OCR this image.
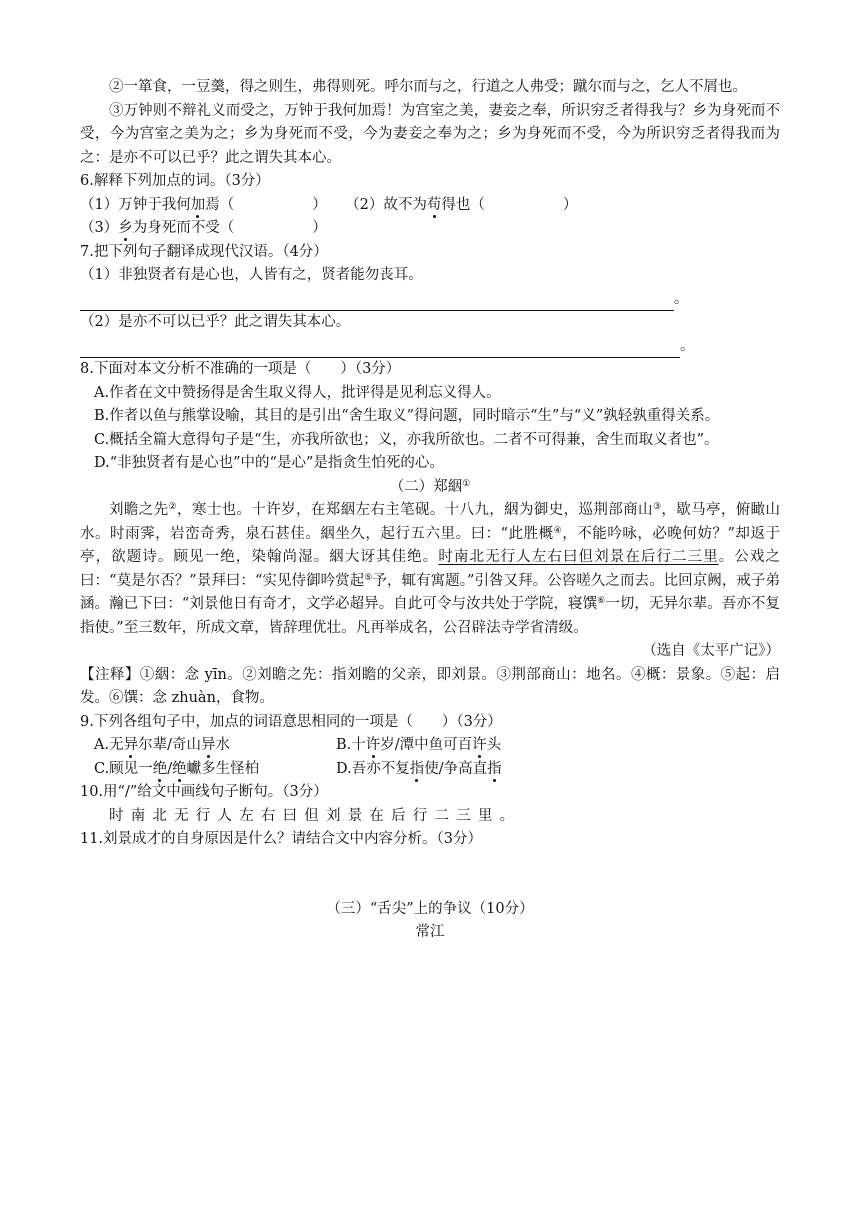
②一箪食，一豆羹，得之则生，弗得则死。呼尔而与之，行道之人弗受；蹴尔而与之，乞人不屑也。

③万钟则不辩礼义而受之，万钟于我何加焉！为宫室之美，妻妾之奉，所识穷乏者得我与？乡为身死而不受，今为宫室之美为之；乡为身死而不受，今为妻妾之奉为之；乡为身死而不受，今为所识穷乏者得我而为之：是亦不可以已乎？此之谓失其本心。

6.解释下列加点的词。（3分）

（1）万钟于我何加焉（	） （2）故不为苟得也（	）

（3）乡为身死而不受（	）

7.把下列句子翻译成现代汉语。（4分）

（1）非独贤者有是心也，人皆有之，贤者能勿丧耳。

。

（2）是亦不可以已乎？此之谓失其本心。

。

8.下面对本文分析不准确的一项是（　　）（3分）

A.作者在文中赞扬得是舍生取义得人，批评得是见利忘义得人。

B.作者以鱼与熊掌设喻，其目的是引出“舍生取义”得问题，同时暗示“生”与“义”孰轻孰重得关系。

C.概括全篇大意得句子是“生，亦我所欲也；义，亦我所欲也。二者不可得兼，舍生而取义者也”。

D.“非独贤者有是心也”中的“是心”是指贪生怕死的心。

（二）郑絪①

刘瞻之先②，寒士也。十许岁，在郑絪左右主笔砚。十八九，絪为御史，巡荆部商山③，歇马亭，俯瞰山水。时雨霁，岩峦奇秀，泉石甚佳。絪坐久，起行五六里。曰：“此胜概④，不能吟咏，必晚何妨？”却返于亭，欲题诗。顾见一绝，染翰尚湿。絪大讶其佳绝。时南北无行人左右曰但刘景在后行二三里。公戏之曰：“莫是尔否？”景拜曰：“实见侍御吟赏起⑤予，辄有寓题。”引咎又拜。公咨嗟久之而去。比回京阙，戒子弟涵。瀚已下曰：“刘景他日有奇才，文学必超异。自此可令与汝共处于学院，寝馔⑥一切，无异尔辈。吾亦不复指使。”至三数年，所成文章，皆辞理优壮。凡再举成名，公召辟法寺学省清级。

（选自《太平广记》）

【注释】①絪：念 yīn。②刘瞻之先：指刘瞻的父亲，即刘景。③荆部商山：地名。④概：景象。⑤起：启发。⑥馔：念 zhuàn，食物。

9.下列各组句子中，加点的词语意思相同的一项是（　　）（3分）

A.无异尔辈/奇山异水	B.十许岁/潭中鱼可百许头

C.顾见一绝/绝巘多生怪柏	D.吾亦不复指使/争高直指

10.用“/”给文中画线句子断句。（3分）

时南北无行人左右曰但刘景在后行二三里。

11.刘景成才的自身原因是什么？请结合文中内容分析。（3分）

（三）“舌尖”上的争议（10分）

常江
